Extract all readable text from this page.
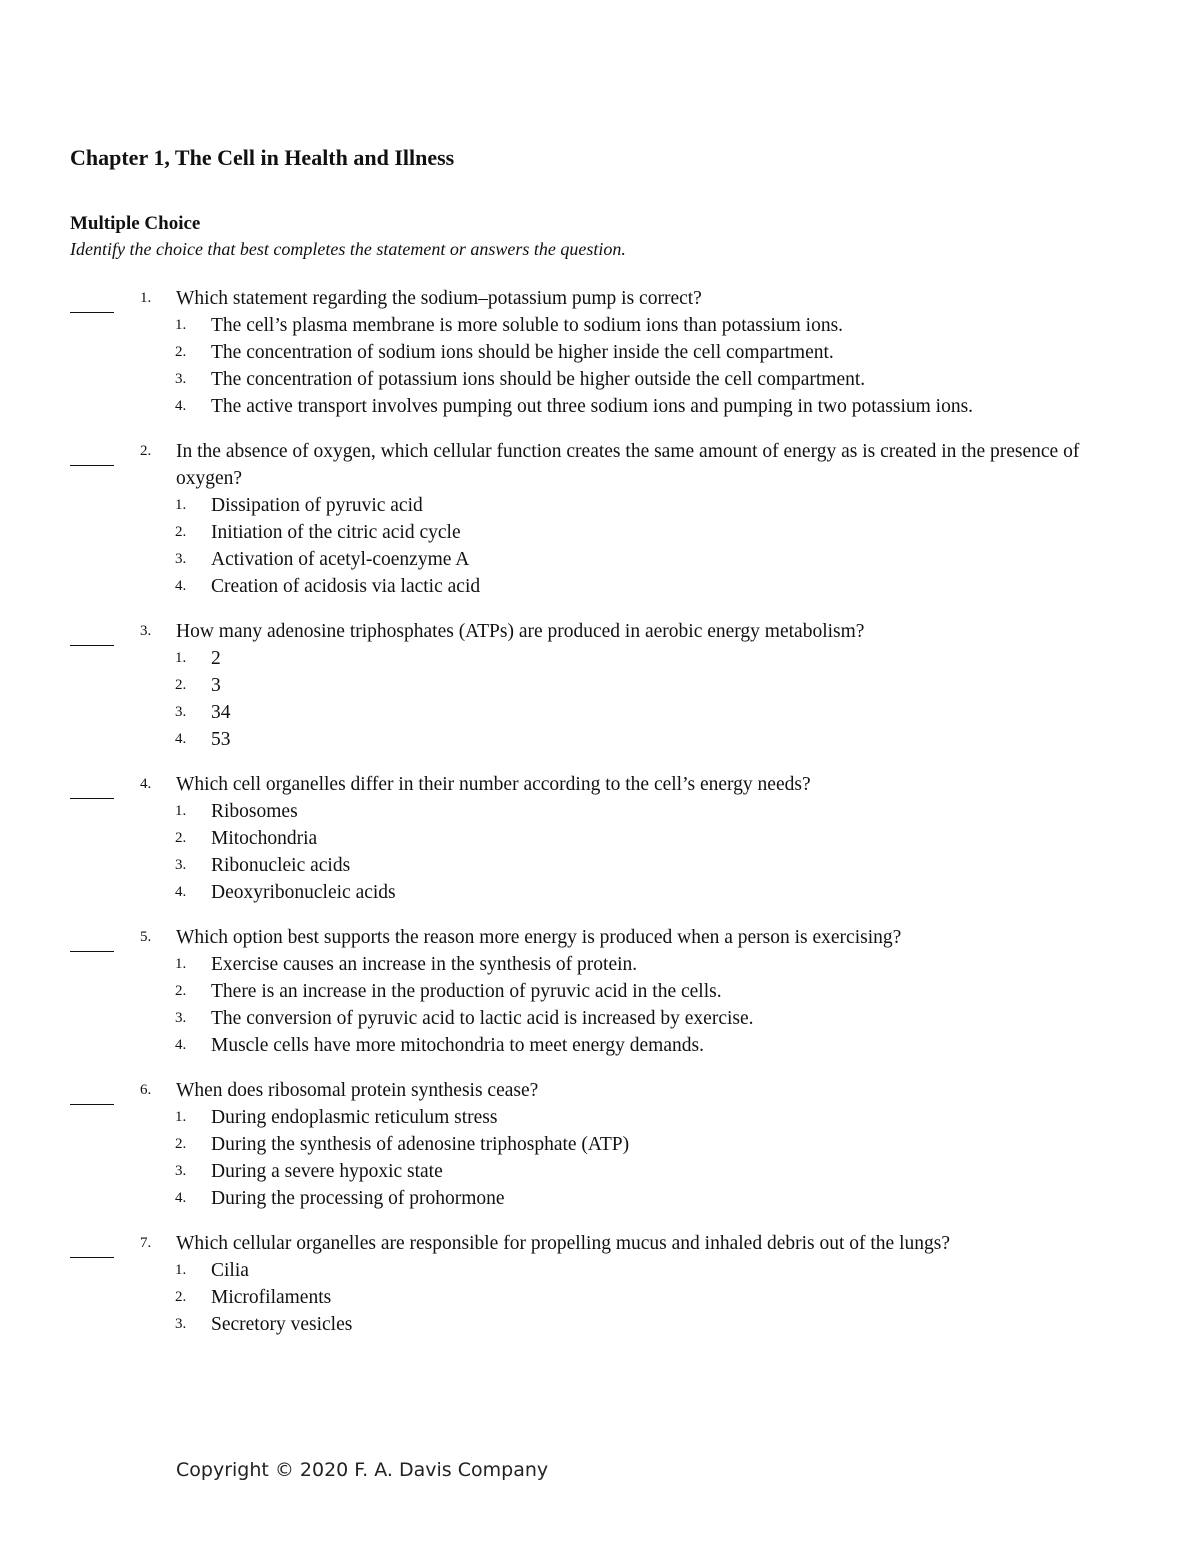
Chapter 1, The Cell in Health and Illness
Multiple Choice
Identify the choice that best completes the statement or answers the question.
1.	Which statement regarding the sodium–potassium pump is correct?
1. The cell’s plasma membrane is more soluble to sodium ions than potassium ions.
2. The concentration of sodium ions should be higher inside the cell compartment.
3. The concentration of potassium ions should be higher outside the cell compartment.
4. The active transport involves pumping out three sodium ions and pumping in two potassium ions.
2.	In the absence of oxygen, which cellular function creates the same amount of energy as is created in the presence of oxygen?
1. Dissipation of pyruvic acid
2. Initiation of the citric acid cycle
3. Activation of acetyl-coenzyme A
4. Creation of acidosis via lactic acid
3.	How many adenosine triphosphates (ATPs) are produced in aerobic energy metabolism?
1. 2
2. 3
3. 34
4. 53
4.	Which cell organelles differ in their number according to the cell’s energy needs?
1. Ribosomes
2. Mitochondria
3. Ribonucleic acids
4. Deoxyribonucleic acids
5.	Which option best supports the reason more energy is produced when a person is exercising?
1. Exercise causes an increase in the synthesis of protein.
2. There is an increase in the production of pyruvic acid in the cells.
3. The conversion of pyruvic acid to lactic acid is increased by exercise.
4. Muscle cells have more mitochondria to meet energy demands.
6.	When does ribosomal protein synthesis cease?
1. During endoplasmic reticulum stress
2. During the synthesis of adenosine triphosphate (ATP)
3. During a severe hypoxic state
4. During the processing of prohormone
7.	Which cellular organelles are responsible for propelling mucus and inhaled debris out of the lungs?
1. Cilia
2. Microfilaments
3. Secretory vesicles
Copyright © 2020 F. A. Davis Company
